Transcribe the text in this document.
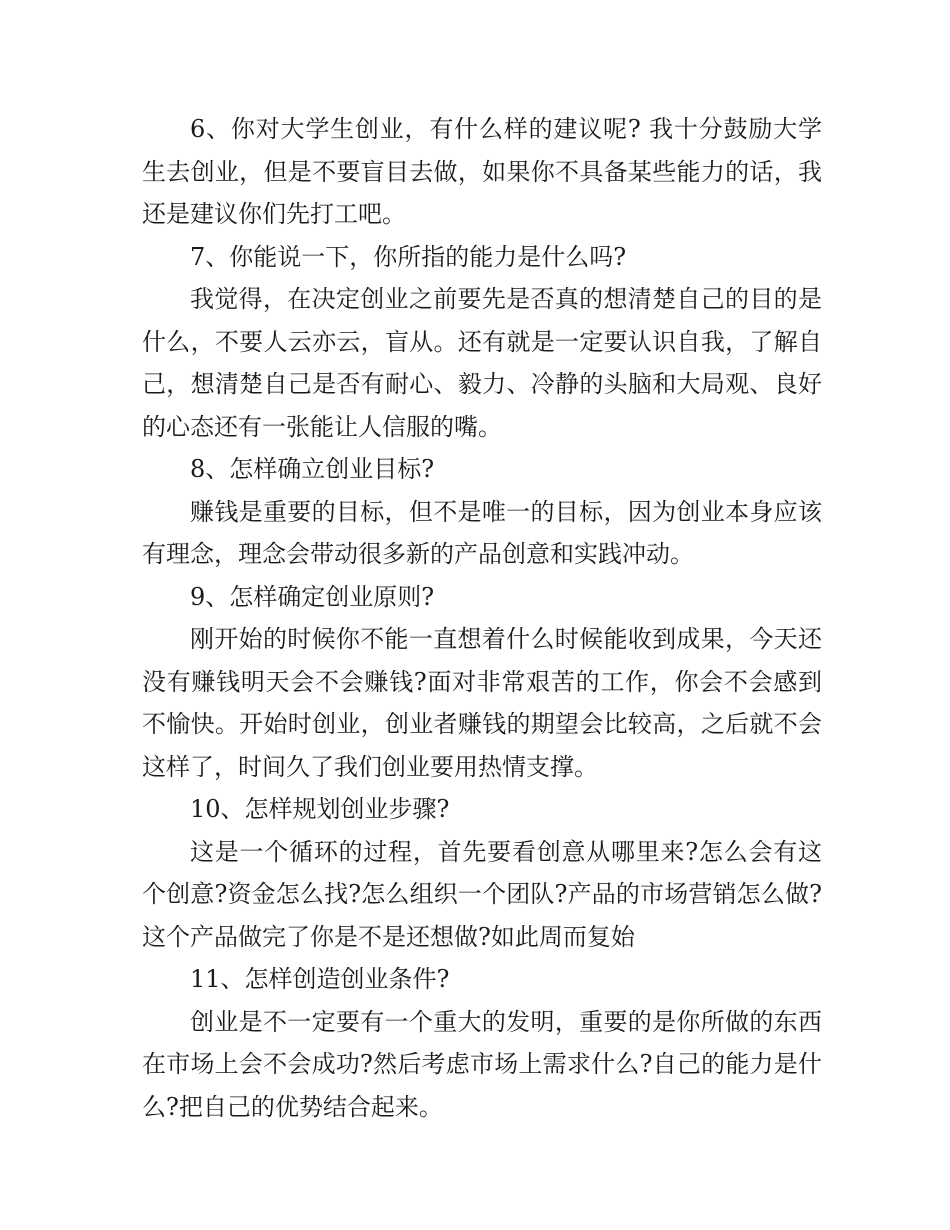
6、你对大学生创业，有什么样的建议呢? 我十分鼓励大学生去创业，但是不要盲目去做，如果你不具备某些能力的话，我还是建议你们先打工吧。

7、你能说一下，你所指的能力是什么吗?

我觉得，在决定创业之前要先是否真的想清楚自己的目的是什么，不要人云亦云，盲从。还有就是一定要认识自我，了解自己，想清楚自己是否有耐心、毅力、冷静的头脑和大局观、良好的心态还有一张能让人信服的嘴。

8、怎样确立创业目标?

赚钱是重要的目标，但不是唯一的目标，因为创业本身应该有理念，理念会带动很多新的产品创意和实践冲动。

9、怎样确定创业原则?

刚开始的时候你不能一直想着什么时候能收到成果，今天还没有赚钱明天会不会赚钱?面对非常艰苦的工作，你会不会感到不愉快。开始时创业，创业者赚钱的期望会比较高，之后就不会这样了，时间久了我们创业要用热情支撑。

10、怎样规划创业步骤?

这是一个循环的过程，首先要看创意从哪里来?怎么会有这个创意?资金怎么找?怎么组织一个团队?产品的市场营销怎么做?这个产品做完了你是不是还想做?如此周而复始

11、怎样创造创业条件?

创业是不一定要有一个重大的发明，重要的是你所做的东西在市场上会不会成功?然后考虑市场上需求什么?自己的能力是什么?把自己的优势结合起来。
